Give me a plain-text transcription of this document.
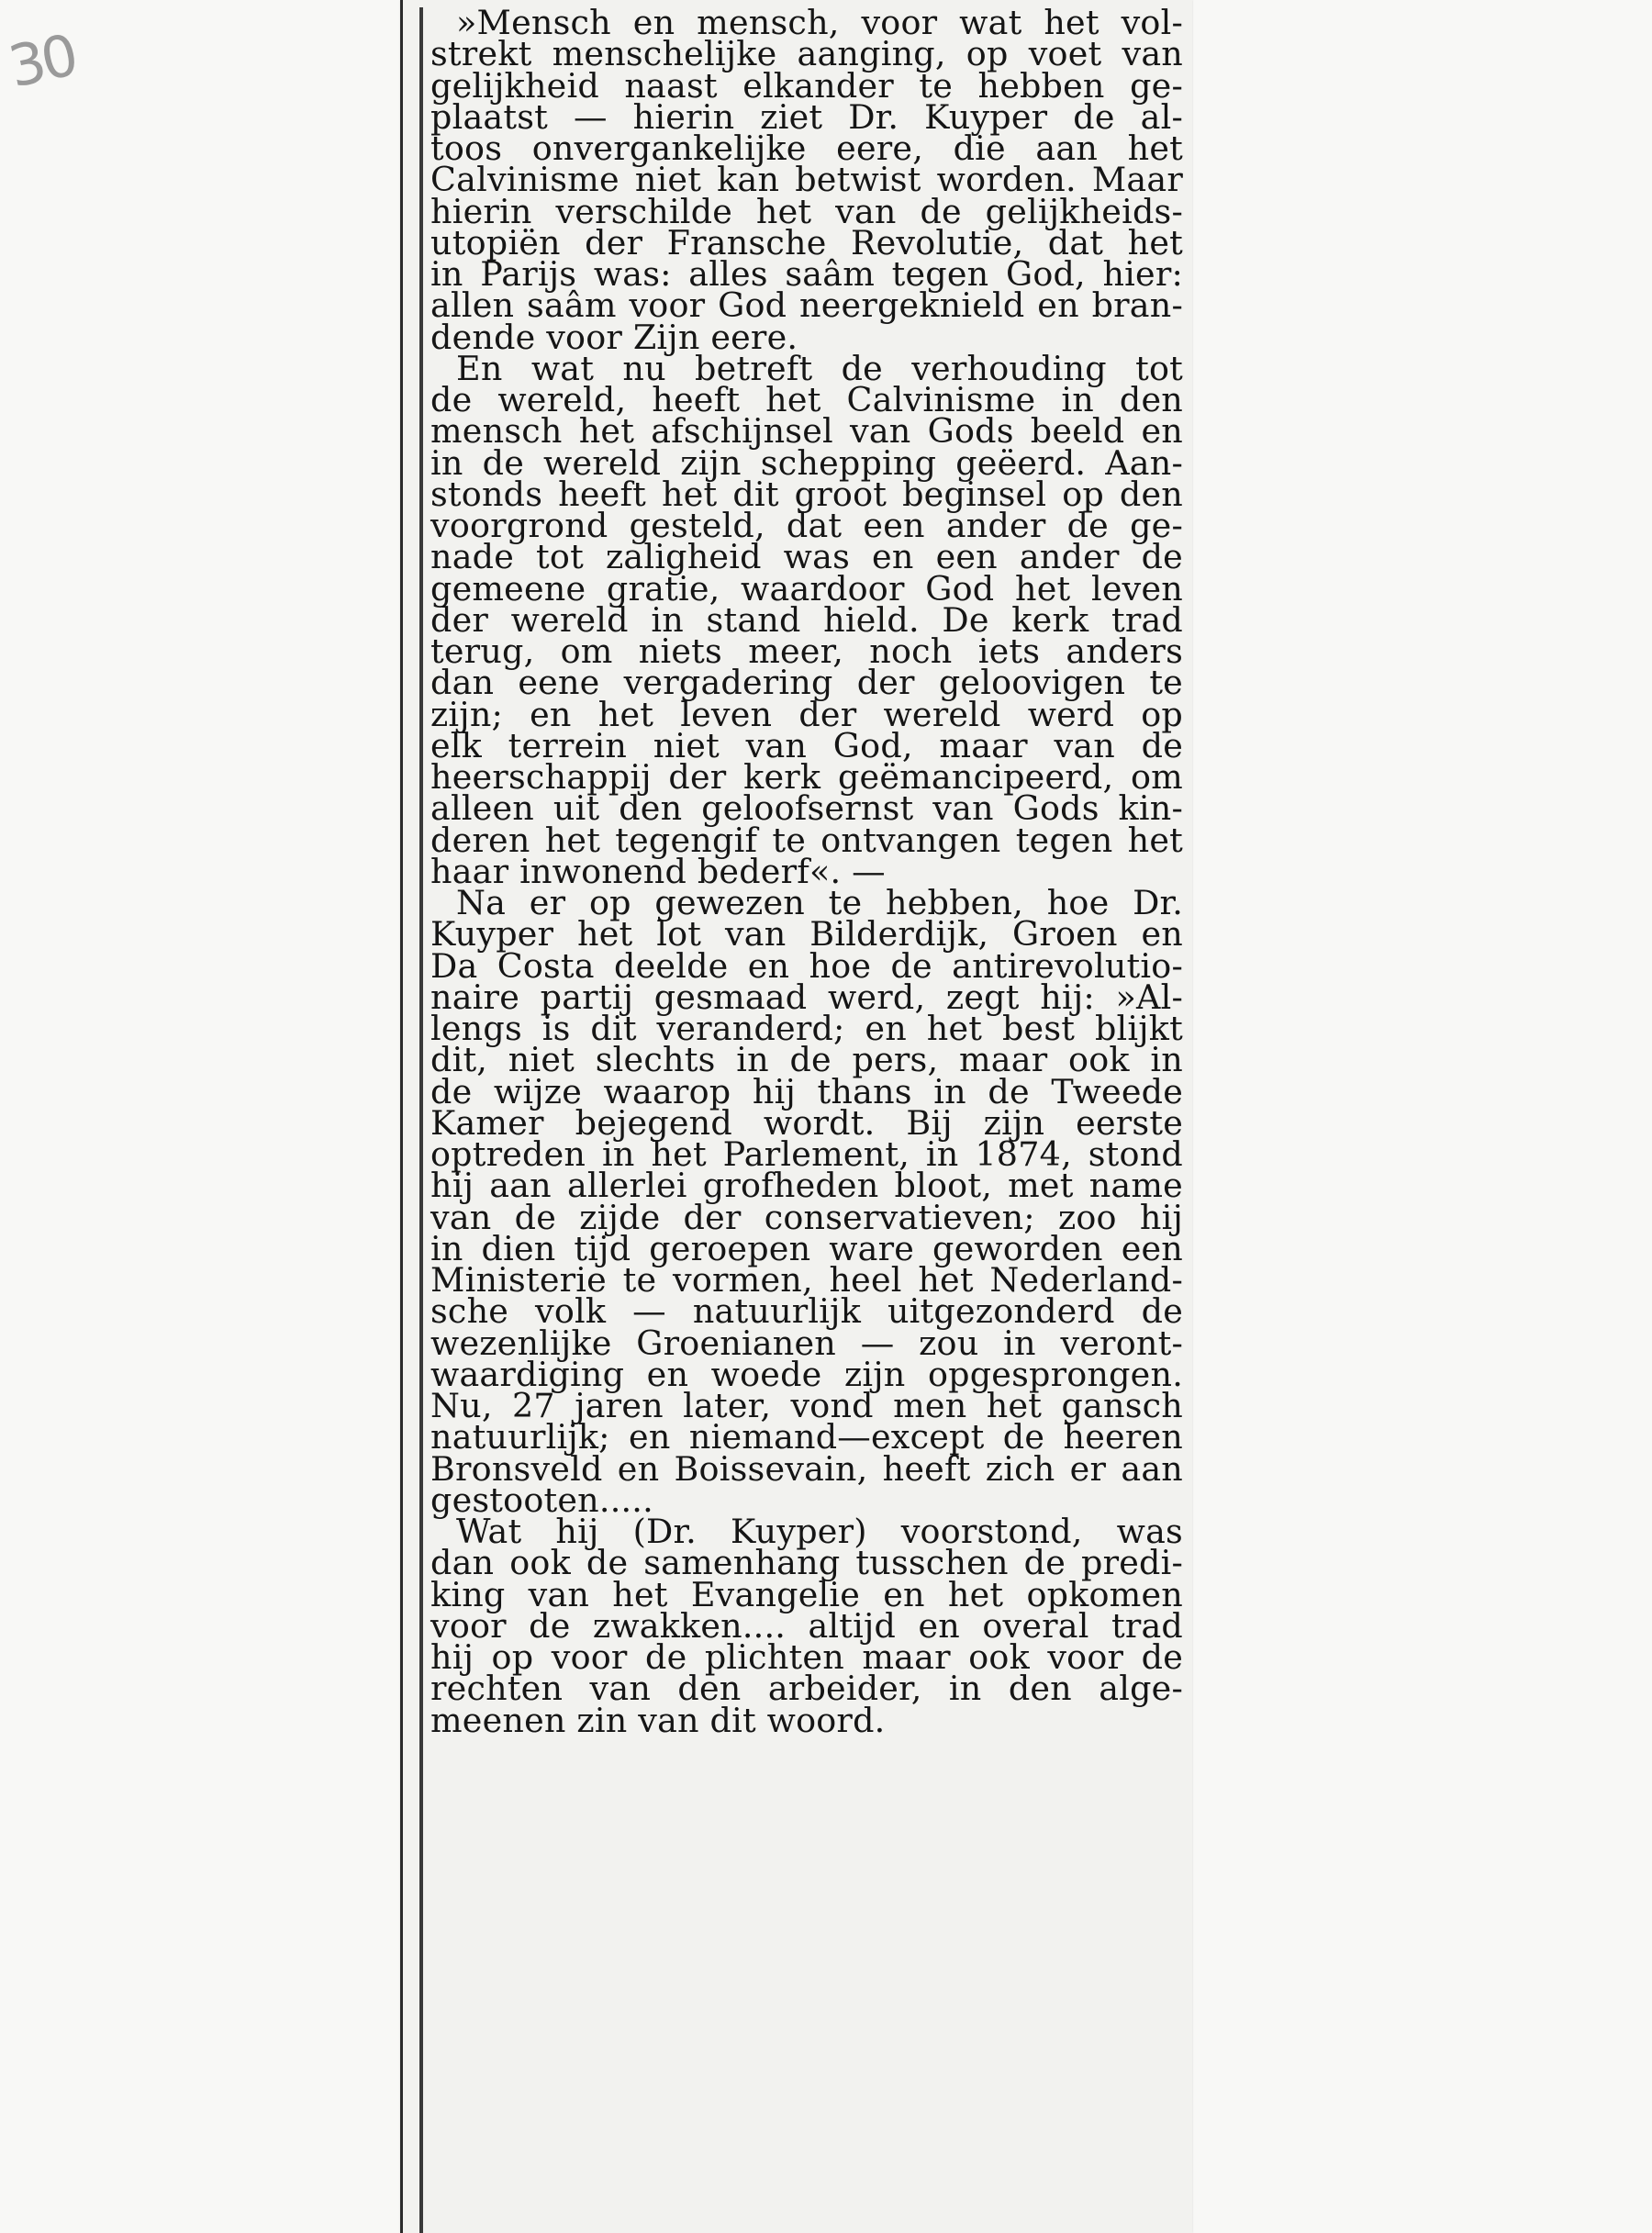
30	»Mensch en mensch, voor wat het vol-
strekt menschelijke aanging, op voet van
gelijkheid naast elkander te hebben ge-
plaatst — hierin ziet Dr. Kuyper de al-
toos onvergankelijke eere, die aan het
Calvinisme niet kan betwist worden. Maar
hierin verschilde het van de gelijkheids-
utopiën der Fransche Revolutie, dat het
in Parijs was: alles saâm tegen God, hier:
allen saâm voor God neergeknield en bran-
dende voor Zijn eere.
En wat nu betreft de verhouding tot
de wereld, heeft het Calvinisme in den
mensch het afschijnsel van Gods beeld en
in de wereld zijn schepping geëerd. Aan-
stonds heeft het dit groot beginsel op den
voorgrond gesteld, dat een ander de ge-
nade tot zaligheid was en een ander de
gemeene gratie, waardoor God het leven
der wereld in stand hield. De kerk trad
terug, om niets meer, noch iets anders
dan eene vergadering der geloovigen te
zijn; en het leven der wereld werd op
elk terrein niet van God, maar van de
heerschappij der kerk geëmancipeerd, om
alleen uit den geloofsernst van Gods kin-
deren het tegengif te ontvangen tegen het
haar inwonend bederf«. —
Na er op gewezen te hebben, hoe Dr.
Kuyper het lot van Bilderdijk, Groen en
Da Costa deelde en hoe de antirevolutio-
naire partij gesmaad werd, zegt hij: »Al-
lengs is dit veranderd; en het best blijkt
dit, niet slechts in de pers, maar ook in
de wijze waarop hij thans in de Tweede
Kamer bejegend wordt. Bij zijn eerste
optreden in het Parlement, in 1874, stond
hij aan allerlei grofheden bloot, met name
van de zijde der conservatieven; zoo hij
in dien tijd geroepen ware geworden een
Ministerie te vormen, heel het Nederland-
sche volk — natuurlijk uitgezonderd de
wezenlijke Groenianen — zou in veront-
waardiging en woede zijn opgesprongen.
Nu, 27 jaren later, vond men het gansch
natuurlijk; en niemand—except de heeren
Bronsveld en Boissevain, heeft zich er aan
gestooten.....
Wat hij (Dr. Kuyper) voorstond, was
dan ook de samenhang tusschen de predi-
king van het Evangelie en het opkomen
voor de zwakken.... altijd en overal trad
hij op voor de plichten maar ook voor de
rechten van den arbeider, in den alge-
meenen zin van dit woord.
